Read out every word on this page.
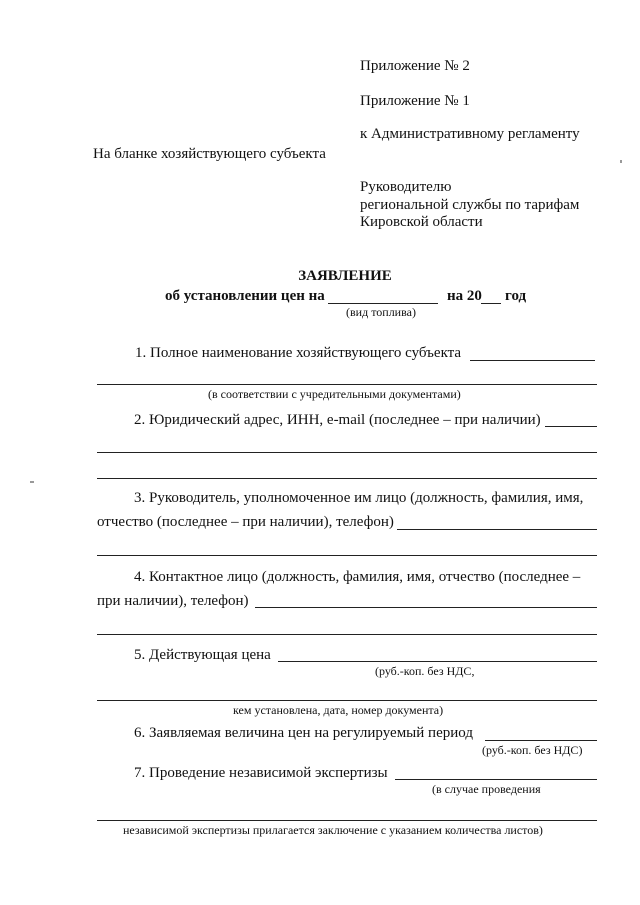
Приложение № 2
Приложение № 1
к Административному регламенту
На бланке хозяйствующего субъекта
Руководителю
региональной службы по тарифам
Кировской области
ЗАЯВЛЕНИЕ
об установлении цен на	на 20 год
(вид топлива)
1. Полное наименование хозяйствующего субъекта
(в соответствии с учредительными документами)
2. Юридический адрес, ИНН, e-mail (последнее – при наличии)
3. Руководитель, уполномоченное им лицо (должность, фамилия, имя,
отчество (последнее – при наличии), телефон)
4. Контактное лицо (должность, фамилия, имя, отчество (последнее –
при наличии), телефон)
5. Действующая цена
(руб.-коп. без НДС,
кем установлена, дата, номер документа)
6. Заявляемая величина цен на регулируемый период
(руб.-коп. без НДС)
7. Проведение независимой экспертизы
(в случае проведения
независимой экспертизы прилагается заключение с указанием количества листов)
